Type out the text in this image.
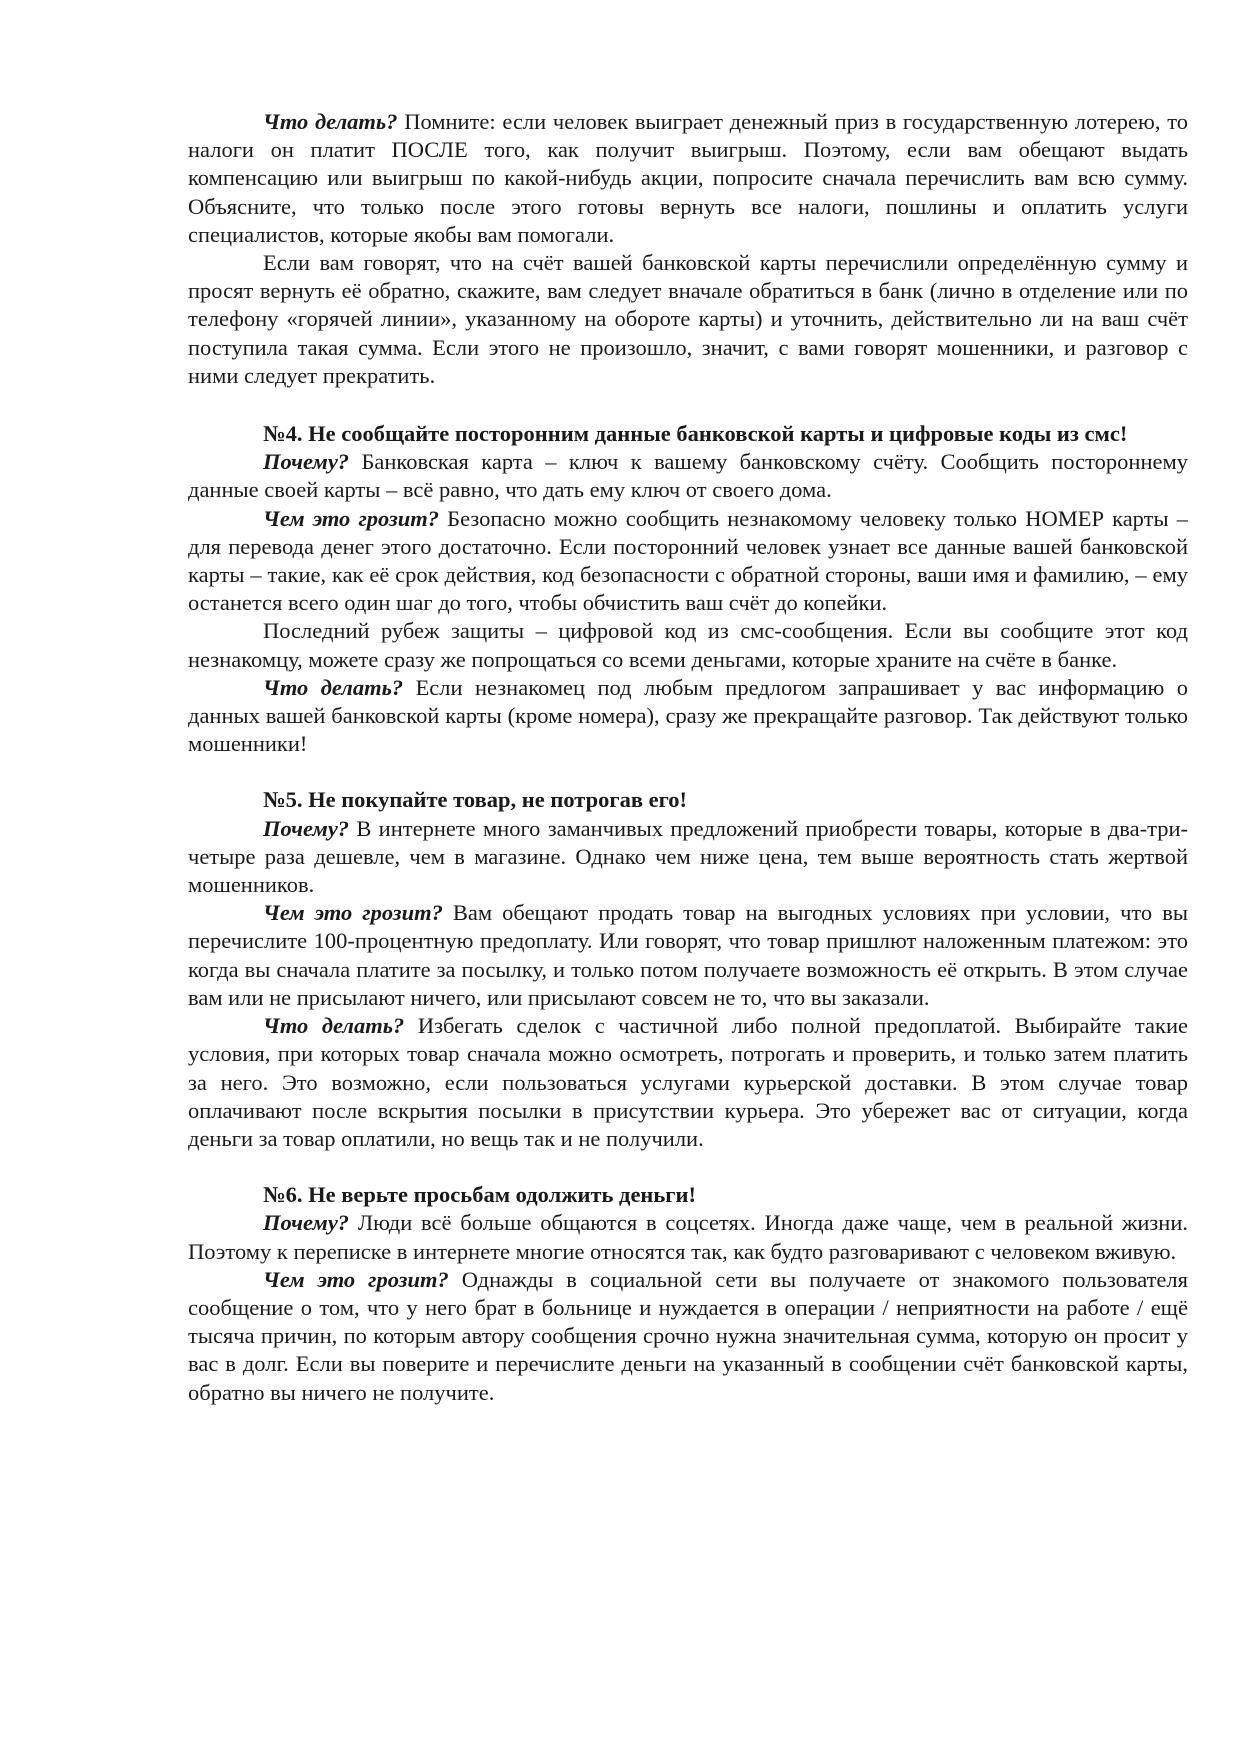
Что делать? Помните: если человек выиграет денежный приз в государственную лотерею, то налоги он платит ПОСЛЕ того, как получит выигрыш. Поэтому, если вам обещают выдать компенсацию или выигрыш по какой-нибудь акции, попросите сначала перечислить вам всю сумму. Объясните, что только после этого готовы вернуть все налоги, пошлины и оплатить услуги специалистов, которые якобы вам помогали.

Если вам говорят, что на счёт вашей банковской карты перечислили определённую сумму и просят вернуть её обратно, скажите, вам следует вначале обратиться в банк (лично в отделение или по телефону «горячей линии», указанному на обороте карты) и уточнить, действительно ли на ваш счёт поступила такая сумма. Если этого не произошло, значит, с вами говорят мошенники, и разговор с ними следует прекратить.

№4. Не сообщайте посторонним данные банковской карты и цифровые коды из смс!

Почему? Банковская карта – ключ к вашему банковскому счёту. Сообщить постороннему данные своей карты – всё равно, что дать ему ключ от своего дома.

Чем это грозит? Безопасно можно сообщить незнакомому человеку только НОМЕР карты – для перевода денег этого достаточно. Если посторонний человек узнает все данные вашей банковской карты – такие, как её срок действия, код безопасности с обратной стороны, ваши имя и фамилию, – ему останется всего один шаг до того, чтобы обчистить ваш счёт до копейки.

Последний рубеж защиты – цифровой код из смс-сообщения. Если вы сообщите этот код незнакомцу, можете сразу же попрощаться со всеми деньгами, которые храните на счёте в банке.

Что делать? Если незнакомец под любым предлогом запрашивает у вас информацию о данных вашей банковской карты (кроме номера), сразу же прекращайте разговор. Так действуют только мошенники!

№5. Не покупайте товар, не потрогав его!

Почему? В интернете много заманчивых предложений приобрести товары, которые в два-три-четыре раза дешевле, чем в магазине. Однако чем ниже цена, тем выше вероятность стать жертвой мошенников.

Чем это грозит? Вам обещают продать товар на выгодных условиях при условии, что вы перечислите 100-процентную предоплату. Или говорят, что товар пришлют наложенным платежом: это когда вы сначала платите за посылку, и только потом получаете возможность её открыть. В этом случае вам или не присылают ничего, или присылают совсем не то, что вы заказали.

Что делать? Избегать сделок с частичной либо полной предоплатой. Выбирайте такие условия, при которых товар сначала можно осмотреть, потрогать и проверить, и только затем платить за него. Это возможно, если пользоваться услугами курьерской доставки. В этом случае товар оплачивают после вскрытия посылки в присутствии курьера. Это убережет вас от ситуации, когда деньги за товар оплатили, но вещь так и не получили.

№6. Не верьте просьбам одолжить деньги!

Почему? Люди всё больше общаются в соцсетях. Иногда даже чаще, чем в реальной жизни. Поэтому к переписке в интернете многие относятся так, как будто разговаривают с человеком вживую.

Чем это грозит? Однажды в социальной сети вы получаете от знакомого пользователя сообщение о том, что у него брат в больнице и нуждается в операции / неприятности на работе / ещё тысяча причин, по которым автору сообщения срочно нужна значительная сумма, которую он просит у вас в долг. Если вы поверите и перечислите деньги на указанный в сообщении счёт банковской карты, обратно вы ничего не получите.
